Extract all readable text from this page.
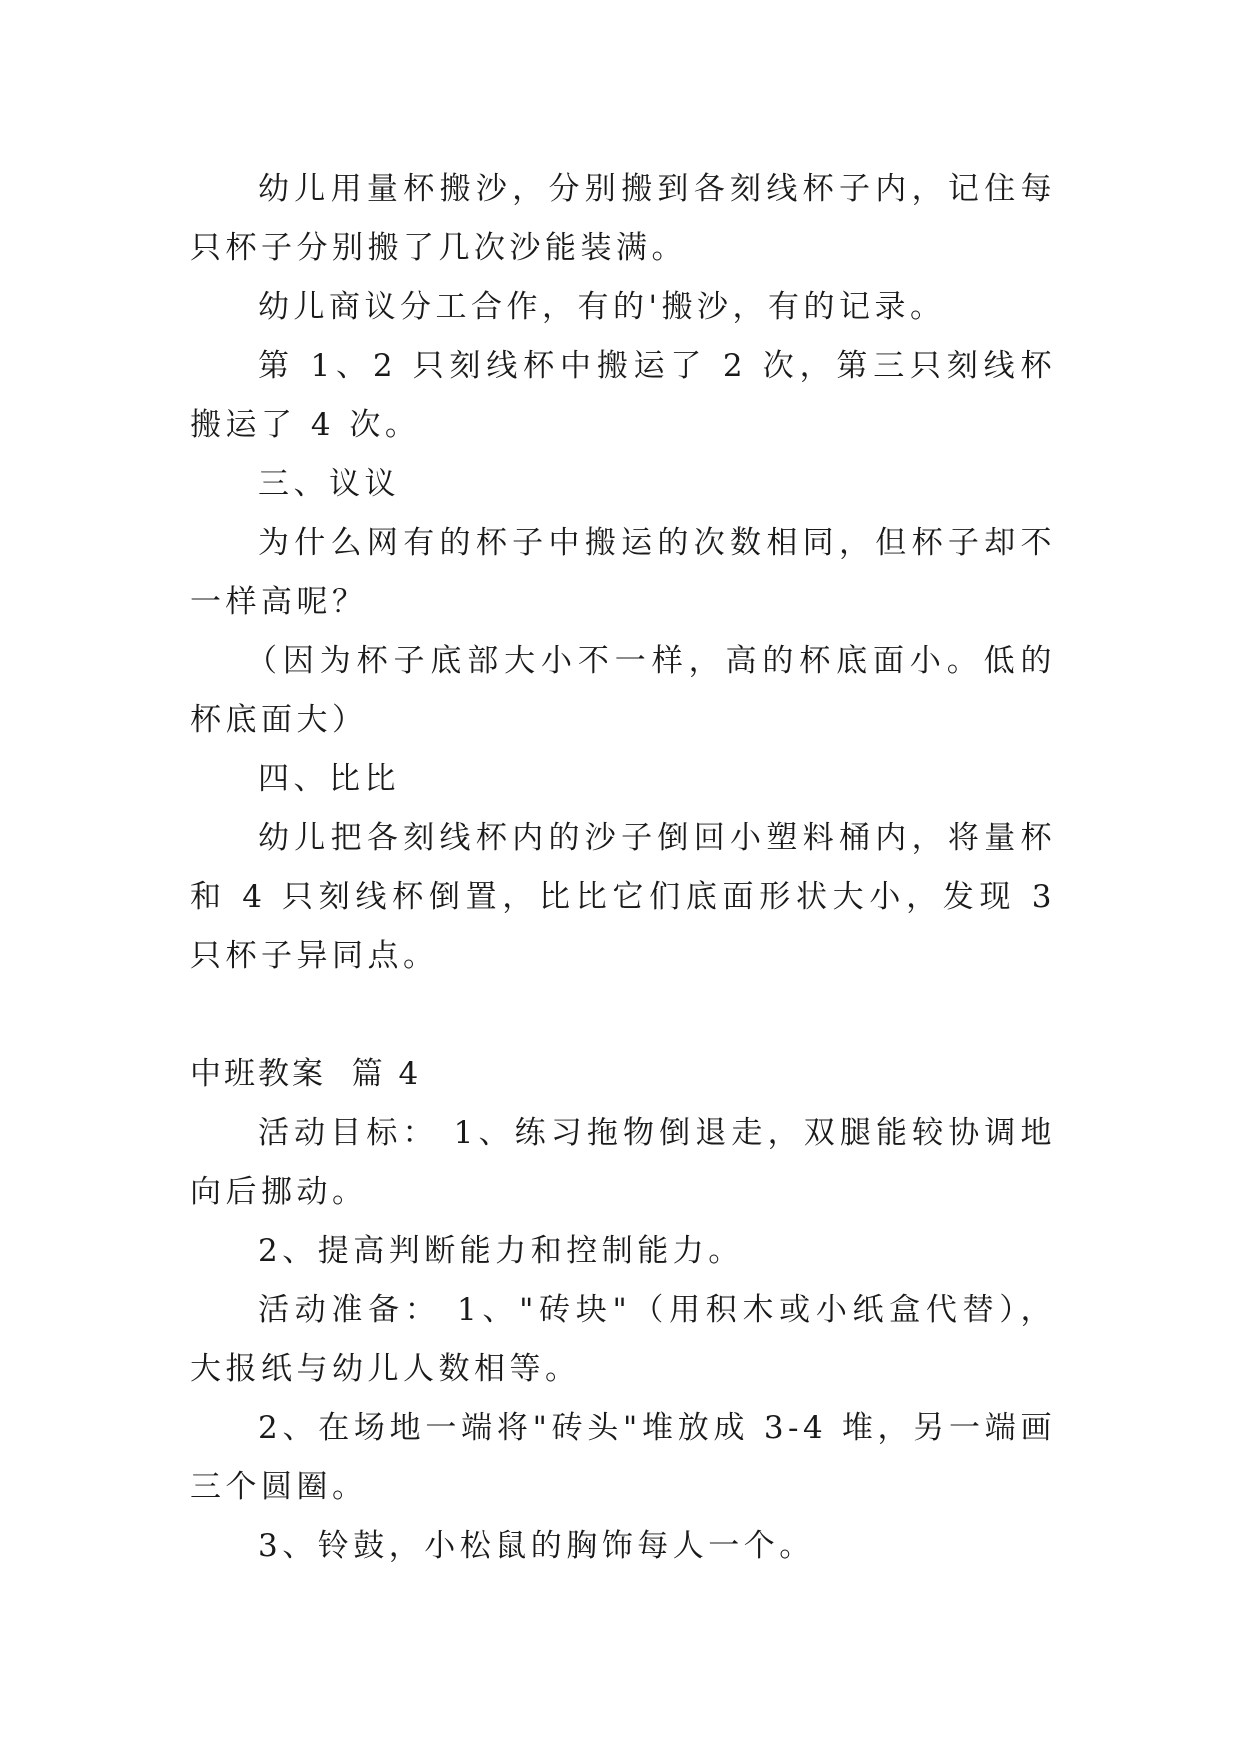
幼儿用量杯搬沙，分别搬到各刻线杯子内，记住每只杯子分别搬了几次沙能装满。

幼儿商议分工合作，有的'搬沙，有的记录。

第 1、2 只刻线杯中搬运了 2 次，第三只刻线杯搬运了 4 次。

三、议议

为什么网有的杯子中搬运的次数相同，但杯子却不一样高呢？

（因为杯子底部大小不一样，高的杯底面小。低的杯底面大）

四、比比

幼儿把各刻线杯内的沙子倒回小塑料桶内，将量杯和 4 只刻线杯倒置，比比它们底面形状大小，发现 3 只杯子异同点。

中班教案  篇 4

活动目标： 1、练习拖物倒退走，双腿能较协调地向后挪动。

2、提高判断能力和控制能力。

活动准备： 1、"砖块"（用积木或小纸盒代替），大报纸与幼儿人数相等。

2、在场地一端将"砖头"堆放成 3-4 堆，另一端画三个圆圈。

3、铃鼓，小松鼠的胸饰每人一个。
